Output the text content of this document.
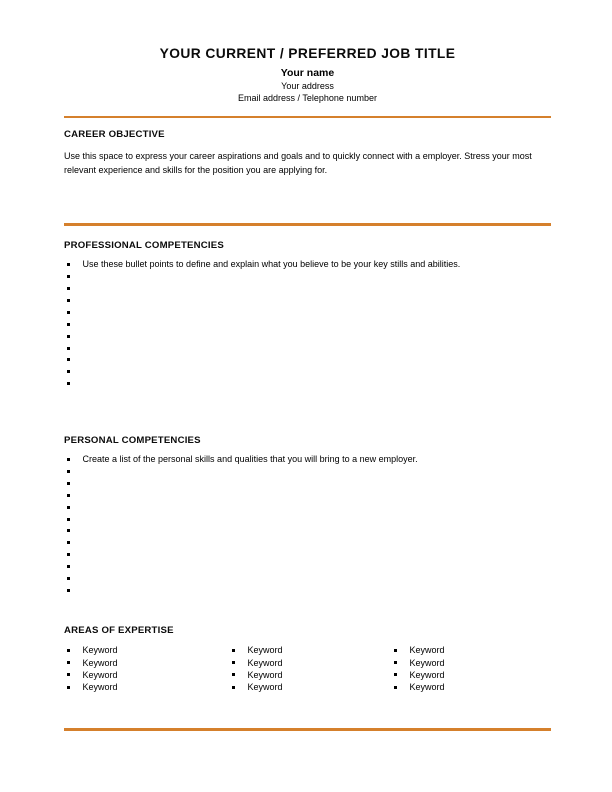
YOUR CURRENT / PREFERRED JOB TITLE
Your name
Your address
Email address / Telephone number
CAREER OBJECTIVE

Use this space to express your career aspirations and goals and to quickly connect with a employer. Stress your most relevant experience and skills for the position you are applying for.

PROFESSIONAL COMPETENCIES
Use these bullet points to define and explain what you believe to be your key stills and abilities.
PERSONAL COMPETENCIES
Create a list of the personal skills and qualities that you will bring to a new employer.
AREAS OF EXPERTISE
Keyword
Keyword
Keyword
Keyword
Keyword
Keyword
Keyword
Keyword
Keyword
Keyword
Keyword
Keyword
